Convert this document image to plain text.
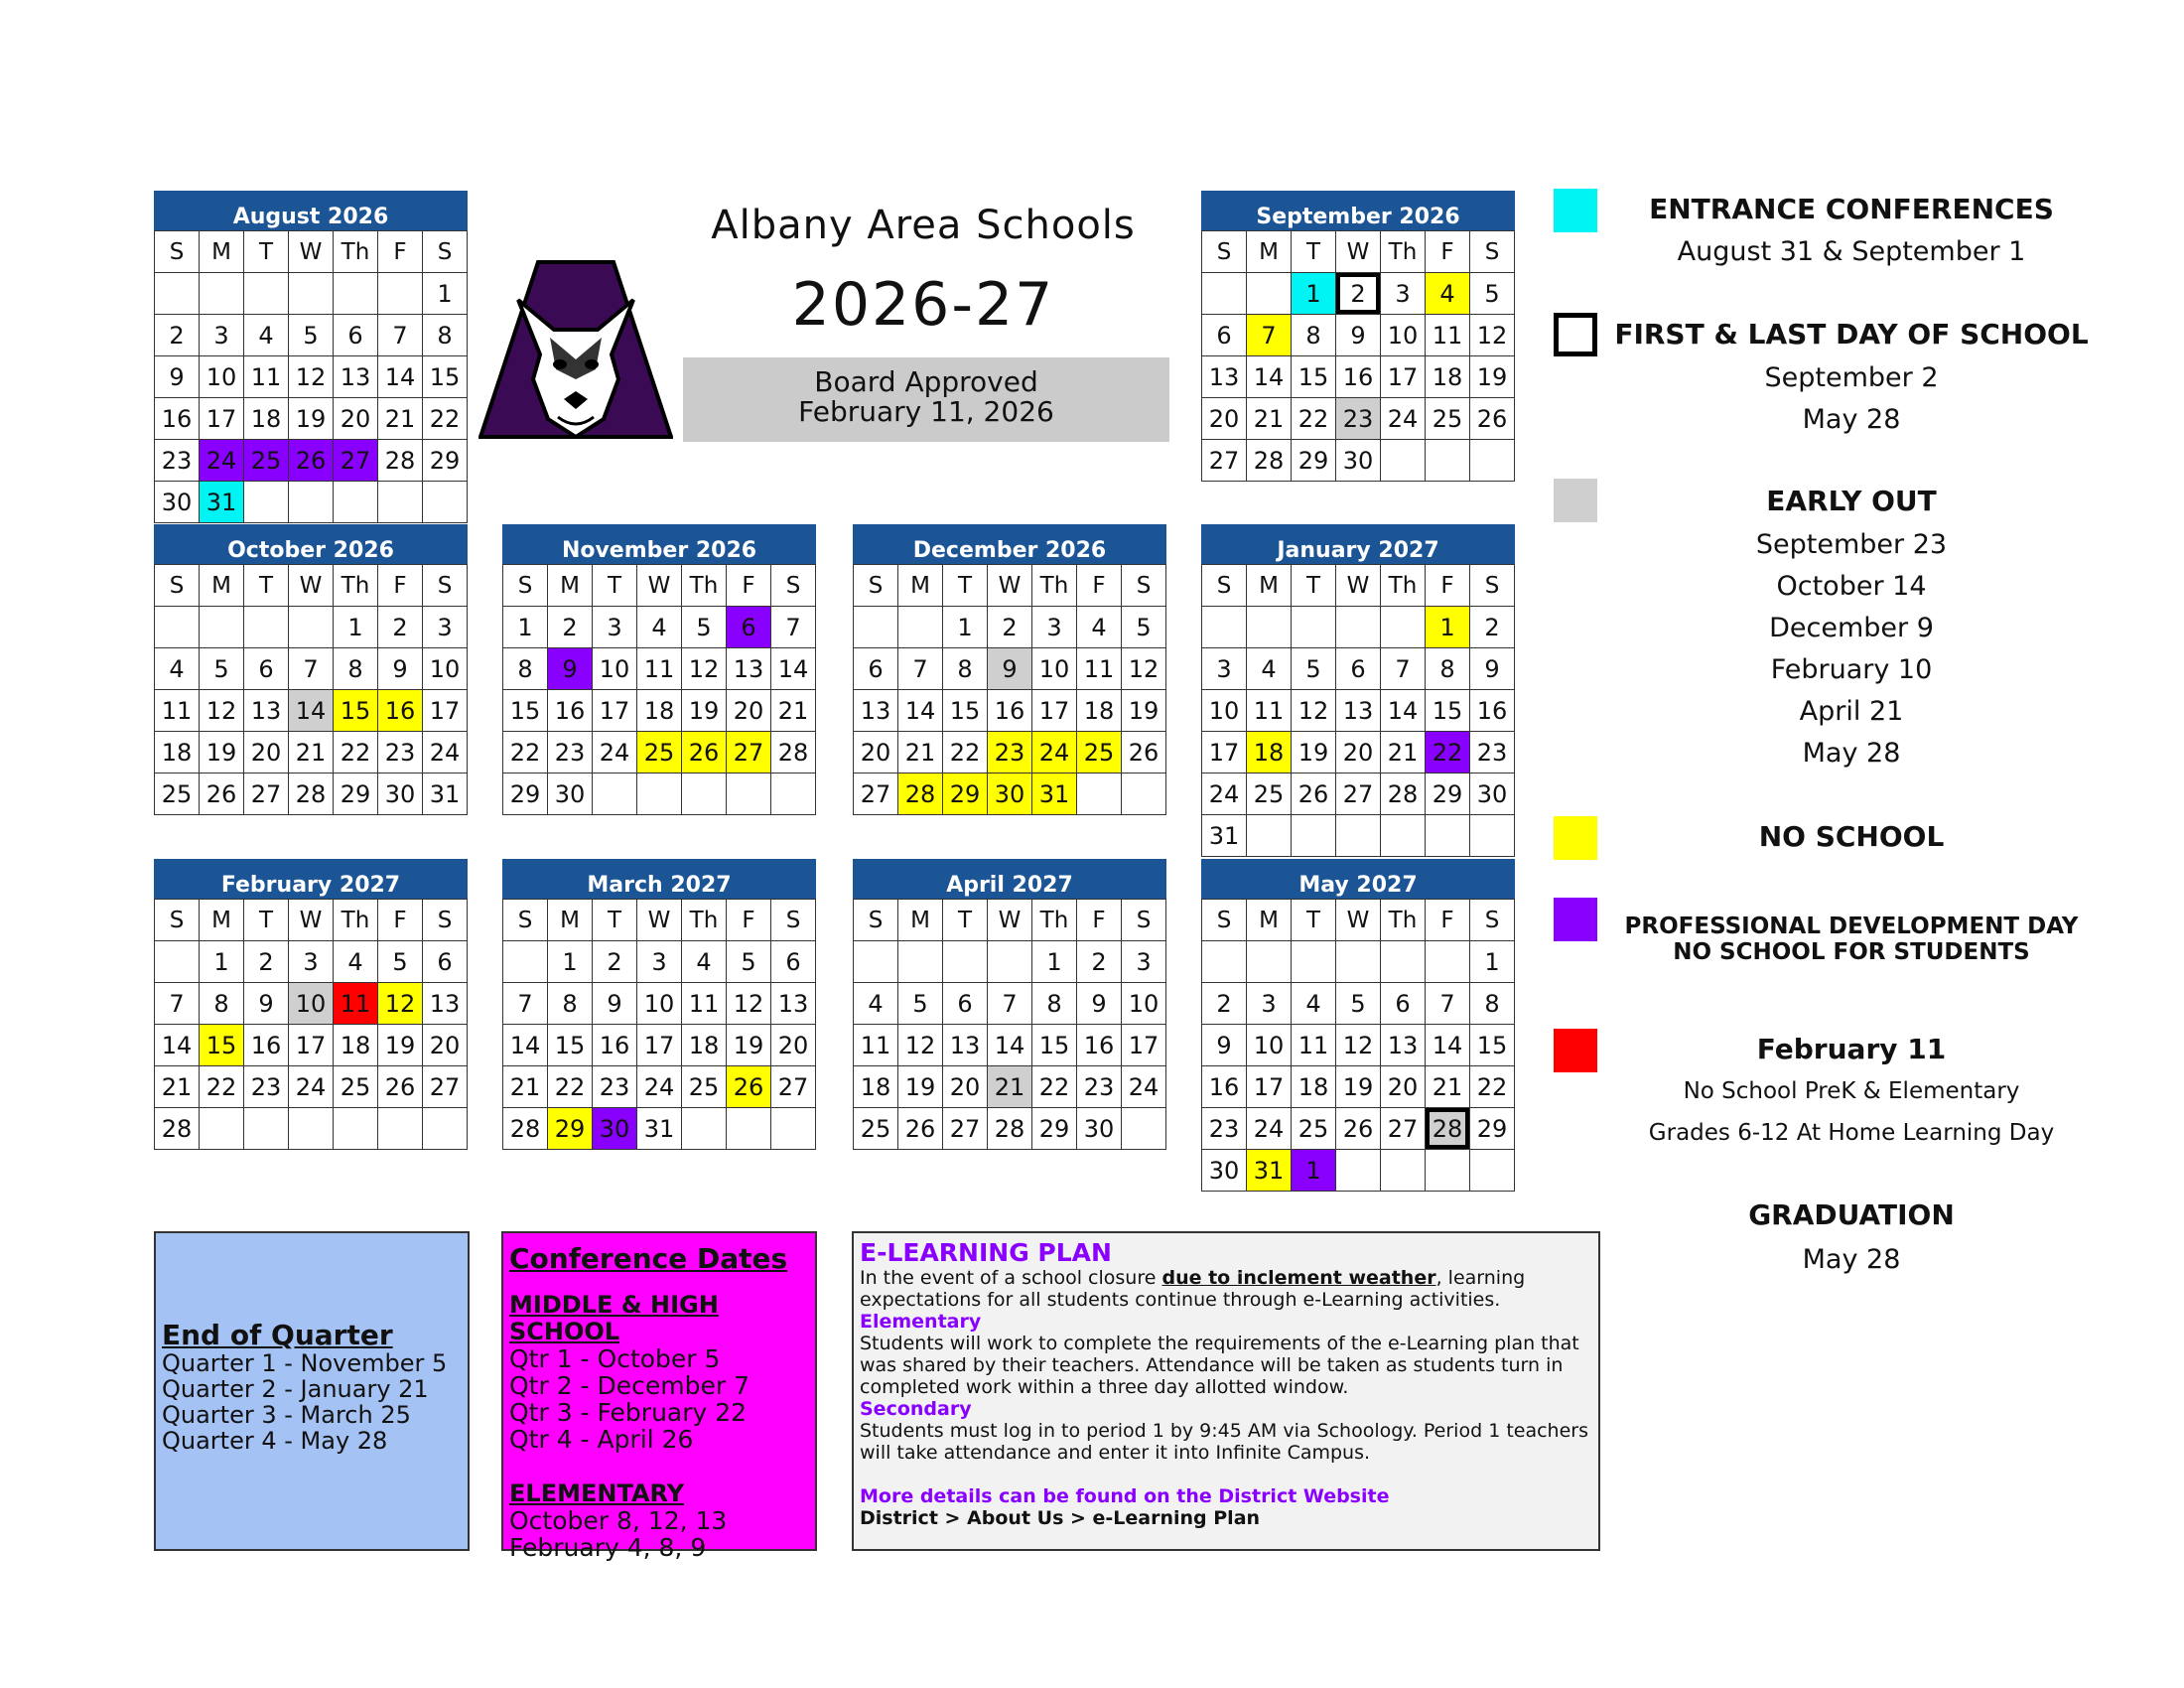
August 2026
S	M	T	W	Th	F	S
						1
2	3	4	5	6	7	8
9	10	11	12	13	14	15
16	17	18	19	20	21	22
23	24	25	26	27	28	29
30	31					
September 2026
S	M	T	W	Th	F	S
		1	2	3	4	5
6	7	8	9	10	11	12
13	14	15	16	17	18	19
20	21	22	23	24	25	26
27	28	29	30			
October 2026
S	M	T	W	Th	F	S
				1	2	3
4	5	6	7	8	9	10
11	12	13	14	15	16	17
18	19	20	21	22	23	24
25	26	27	28	29	30	31
November 2026
S	M	T	W	Th	F	S
1	2	3	4	5	6	7
8	9	10	11	12	13	14
15	16	17	18	19	20	21
22	23	24	25	26	27	28
29	30					
December 2026
S	M	T	W	Th	F	S
		1	2	3	4	5
6	7	8	9	10	11	12
13	14	15	16	17	18	19
20	21	22	23	24	25	26
27	28	29	30	31		
January 2027
S	M	T	W	Th	F	S
					1	2
3	4	5	6	7	8	9
10	11	12	13	14	15	16
17	18	19	20	21	22	23
24	25	26	27	28	29	30
31						
February 2027
S	M	T	W	Th	F	S
	1	2	3	4	5	6
7	8	9	10	11	12	13
14	15	16	17	18	19	20
21	22	23	24	25	26	27
28						
March 2027
S	M	T	W	Th	F	S
	1	2	3	4	5	6
7	8	9	10	11	12	13
14	15	16	17	18	19	20
21	22	23	24	25	26	27
28	29	30	31			
April 2027
S	M	T	W	Th	F	S
				1	2	3
4	5	6	7	8	9	10
11	12	13	14	15	16	17
18	19	20	21	22	23	24
25	26	27	28	29	30	
May 2027
S	M	T	W	Th	F	S
						1
2	3	4	5	6	7	8
9	10	11	12	13	14	15
16	17	18	19	20	21	22
23	24	25	26	27	28	29
30	31	1				
Albany Area Schools
2026-27
Board Approved
February 11, 2026
ENTRANCE CONFERENCES
August 31 & September 1
FIRST & LAST DAY OF SCHOOL
September 2
May 28
EARLY OUT
September 23
October 14
December 9
February 10
April 21
May 28
NO SCHOOL
PROFESSIONAL DEVELOPMENT DAY
NO SCHOOL FOR STUDENTS
February 11
No School PreK & Elementary
Grades 6-12 At Home Learning Day
GRADUATION
May 28
End of Quarter
Quarter 1 - November 5
Quarter 2 - January 21
Quarter 3 - March 25
Quarter 4 - May 28
Conference Dates
MIDDLE & HIGH SCHOOL
Qtr 1 - October 5
Qtr 2 - December 7
Qtr 3 - February 22
Qtr 4 - April 26
ELEMENTARY
October 8, 12, 13
February 4, 8, 9
E-LEARNING PLAN
In the event of a school closure due to inclement weather, learning expectations for all students continue through e-Learning activities.
Elementary
Students will work to complete the requirements of the e-Learning plan that was shared by their teachers. Attendance will be taken as students turn in completed work within a three day allotted window.
Secondary
Students must log in to period 1 by 9:45 AM via Schoology. Period 1 teachers will take attendance and enter it into Infinite Campus.
More details can be found on the District Website
District > About Us > e-Learning Plan
